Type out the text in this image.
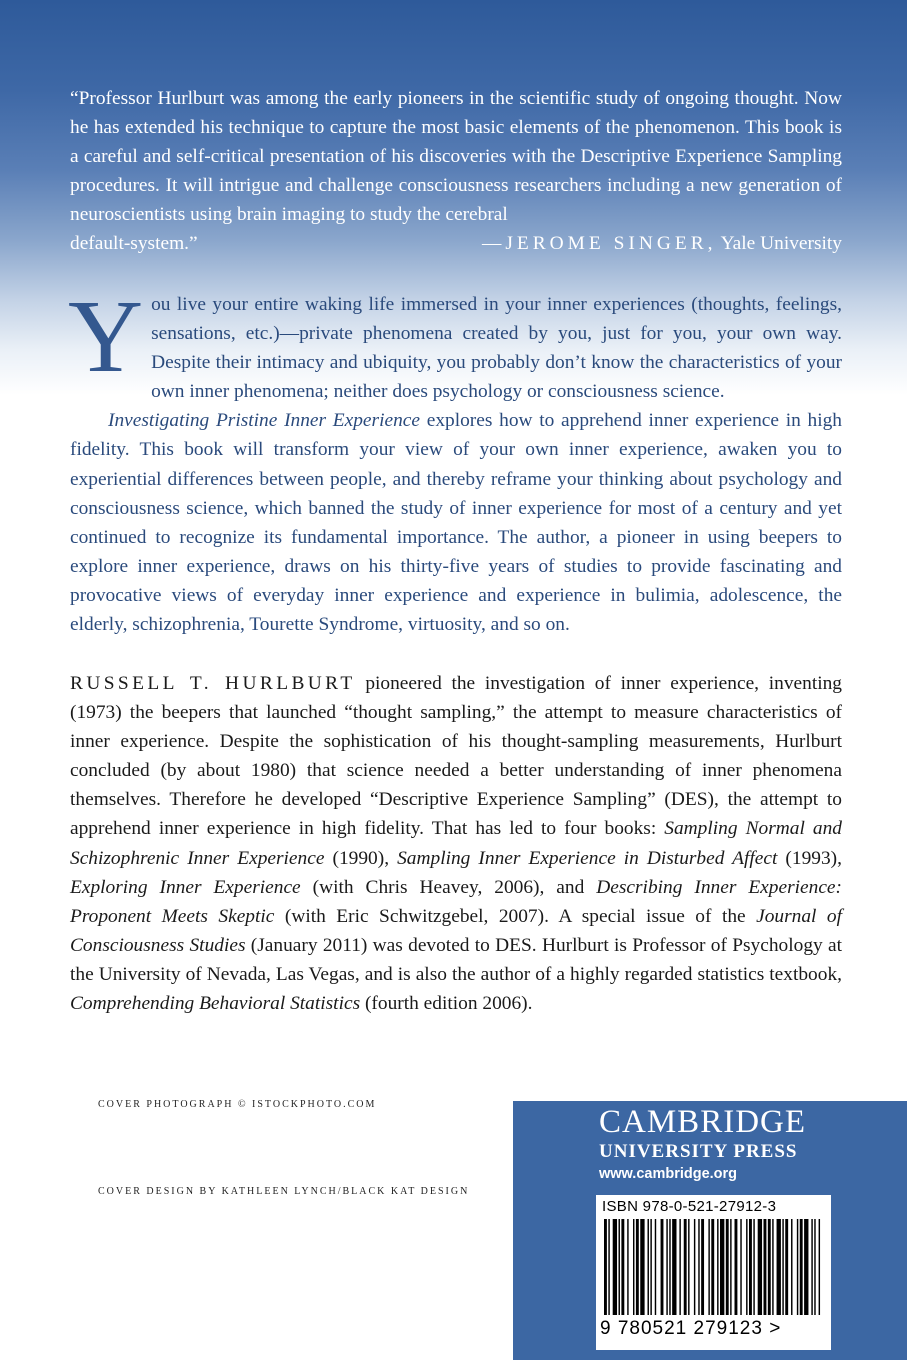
“Professor Hurlburt was among the early pioneers in the scientific study of ongoing thought. Now he has extended his technique to capture the most basic elements of the phenomenon. This book is a careful and self-critical presentation of his discoveries with the Descriptive Experience Sampling procedures. It will intrigue and challenge consciousness researchers including a new generation of neuroscientists using brain imaging to study the cerebral

default-system.”	—JEROME SINGER, Yale University

You live your entire waking life immersed in your inner experiences (thoughts, feelings, sensations, etc.)—private phenomena created by you, just for you, your own way. Despite their intimacy and ubiquity, you probably don’t know the characteristics of your own inner phenomena; neither does psychology or consciousness science.

Investigating Pristine Inner Experience explores how to apprehend inner experience in high fidelity. This book will transform your view of your own inner experience, awaken you to experiential differences between people, and thereby reframe your thinking about psychology and consciousness science, which banned the study of inner experience for most of a century and yet continued to recognize its fundamental importance. The author, a pioneer in using beepers to explore inner experience, draws on his thirty-five years of studies to provide fascinating and provocative views of everyday inner experience and experience in bulimia, adolescence, the elderly, schizophrenia, Tourette Syndrome, virtuosity, and so on.

RUSSELL T. HURLBURT pioneered the investigation of inner experience, inventing (1973) the beepers that launched “thought sampling,” the attempt to measure characteristics of inner experience. Despite the sophistication of his thought-sampling measurements, Hurlburt concluded (by about 1980) that science needed a better understanding of inner phenomena themselves. Therefore he developed “Descriptive Experience Sampling” (DES), the attempt to apprehend inner experience in high fidelity. That has led to four books: Sampling Normal and Schizophrenic Inner Experience (1990), Sampling Inner Experience in Disturbed Affect (1993), Exploring Inner Experience (with Chris Heavey, 2006), and Describing Inner Experience: Proponent Meets Skeptic (with Eric Schwitzgebel, 2007). A special issue of the Journal of Consciousness Studies (January 2011) was devoted to DES. Hurlburt is Professor of Psychology at the University of Nevada, Las Vegas, and is also the author of a highly regarded statistics textbook, Comprehending Behavioral Statistics (fourth edition 2006).

COVER PHOTOGRAPH © ISTOCKPHOTO.COM
COVER DESIGN BY KATHLEEN LYNCH/BLACK KAT DESIGN
CAMBRIDGE
UNIVERSITY PRESS
www.cambridge.org
ISBN 978-0-521-27912-3
9 780521 279123 >
